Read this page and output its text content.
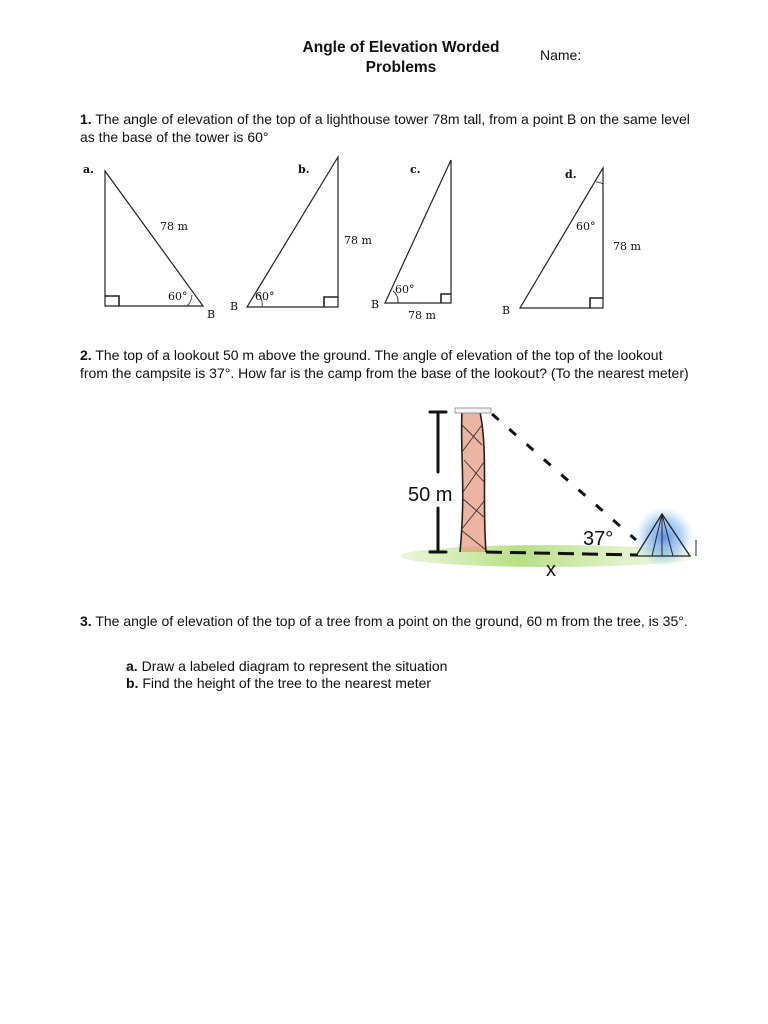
Angle of Elevation Worded
Problems
Name:
1. The angle of elevation of the top of a lighthouse tower 78m tall, from a point B on the same level as the base of the tower is 60°
a.
78 m
60°
B
b.
78 m
60°
B
c.
78 m
60°
B
d.
60°
78 m
B
2. The top of a lookout 50 m above the ground. The angle of elevation of the top of the lookout from the campsite is 37°. How far is the camp from the base of the lookout? (To the nearest meter)
50 m
37°
x
3. The angle of elevation of the top of a tree from a point on the ground, 60 m from the tree, is 35°.
a. Draw a labeled diagram to represent the situation
b. Find the height of the tree to the nearest meter
